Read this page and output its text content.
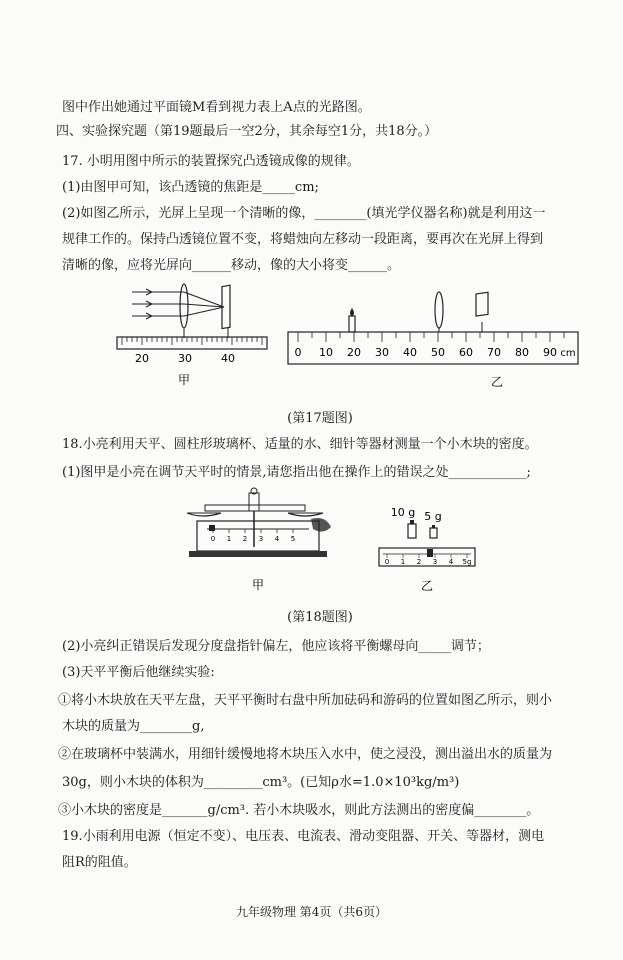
图中作出她通过平面镜M看到视力表上A点的光路图。
四、实验探究题（第19题最后一空2分，其余每空1分，共18分。）
17. 小明用图中所示的装置探究凸透镜成像的规律。
(1)由图甲可知，该凸透镜的焦距是_____cm;
(2)如图乙所示，光屏上呈现一个清晰的像，________(填光学仪器名称)就是利用这一
规律工作的。保持凸透镜位置不变，将蜡烛向左移动一段距离，要再次在光屏上得到
清晰的像，应将光屏向______移动，像的大小将变______。
20	30	40
甲
0 10 20 30 40 50 60 70 80 90 cm
乙
(第17题图)
18.小亮利用天平、圆柱形玻璃杯、适量的水、细针等器材测量一个小木块的密度。
(1)图甲是小亮在调节天平时的情景,请您指出他在操作上的错误之处____________;
0 1 2 3 4 5
甲
10 g 5 g
0 1 2 3 4 5g
乙
(第18题图)
(2)小亮纠正错误后发现分度盘指针偏左，他应该将平衡螺母向_____调节；
(3)天平平衡后他继续实验:
①将小木块放在天平左盘，天平平衡时右盘中所加砝码和游码的位置如图乙所示，则小
木块的质量为________g,
②在玻璃杯中装满水，用细针缓慢地将木块压入水中，使之浸没，测出溢出水的质量为
30g，则小木块的体积为_________cm³。(已知ρ水=1.0×10³kg/m³)
③小木块的密度是_______g/cm³. 若小木块吸水，则此方法测出的密度偏________。
19.小雨利用电源（恒定不变）、电压表、电流表、滑动变阻器、开关、等器材，测电
阻R的阻值。
九年级物理 第4页（共6页）
